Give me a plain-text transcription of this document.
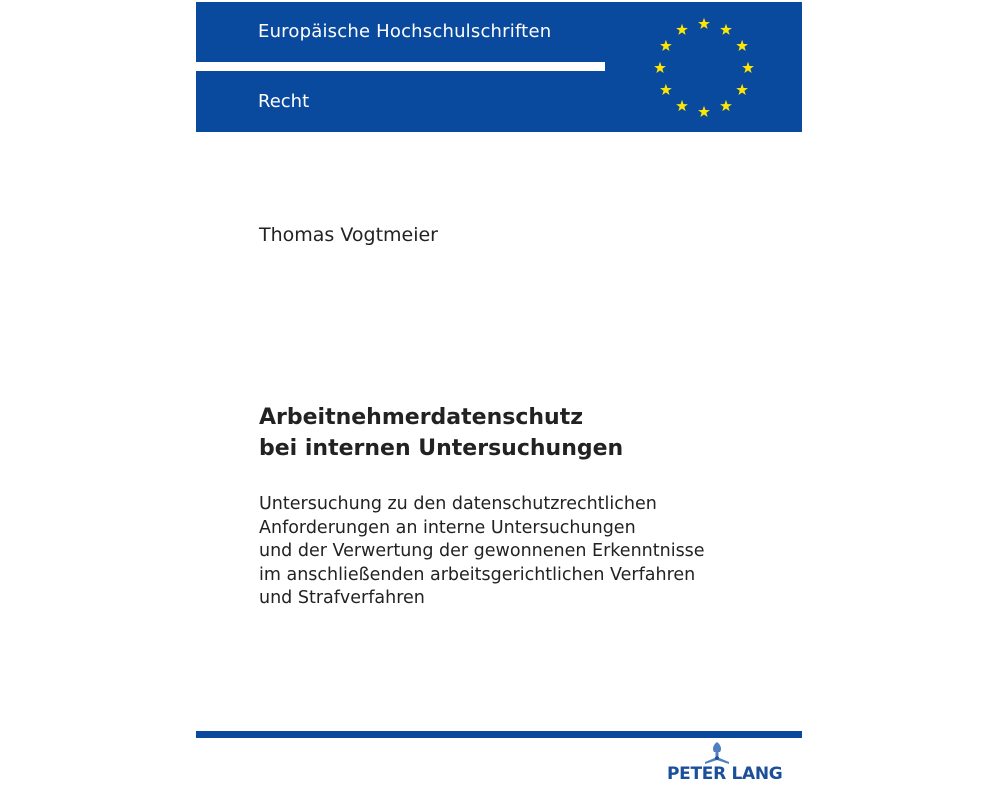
Europäische Hochschulschriften
Recht
Thomas Vogtmeier
Arbeitnehmerdatenschutz
bei internen Untersuchungen
Untersuchung zu den datenschutzrechtlichen
Anforderungen an interne Untersuchungen
und der Verwertung der gewonnenen Erkenntnisse
im anschließenden arbeitsgerichtlichen Verfahren
und Strafverfahren
PETER LANG
